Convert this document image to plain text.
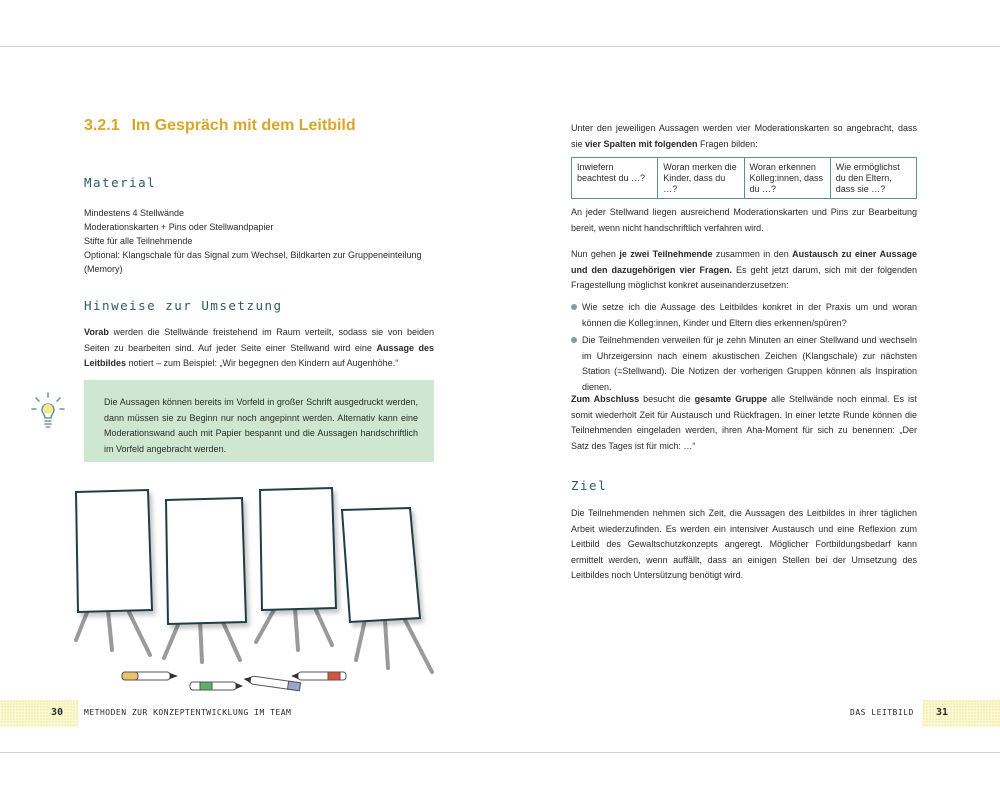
3.2.1 Im Gespräch mit dem Leitbild
Material
Mindestens 4 Stellwände
Moderationskarten + Pins oder Stellwandpapier
Stifte für alle Teilnehmende
Optional: Klangschale für das Signal zum Wechsel, Bildkarten zur Gruppeneinteilung (Memory)
Hinweise zur Umsetzung
Vorab werden die Stellwände freistehend im Raum verteilt, sodass sie von beiden Seiten zu bearbeiten sind. Auf jeder Seite einer Stellwand wird eine Aussage des Leitbildes notiert – zum Beispiel: „Wir begegnen den Kindern auf Augenhöhe.“
Die Aussagen können bereits im Vorfeld in großer Schrift ausgedruckt werden, dann müssen sie zu Beginn nur noch angepinnt werden. Alternativ kann eine Moderationswand auch mit Papier bespannt und die Aussagen handschriftlich im Vorfeld angebracht werden.
Unter den jeweiligen Aussagen werden vier Moderationskarten so angebracht, dass sie vier Spalten mit folgenden Fragen bilden:
Inwiefern beachtest du …?	Woran merken die Kinder, dass du …?	Woran erkennen Kolleg:innen, dass du …?	Wie ermöglichst du den Eltern, dass sie …?
An jeder Stellwand liegen ausreichend Moderationskarten und Pins zur Bearbeitung bereit, wenn nicht handschriftlich verfahren wird.
Nun gehen je zwei Teilnehmende zusammen in den Austausch zu einer Aussage und den dazugehörigen vier Fragen. Es geht jetzt darum, sich mit der folgenden Fragestellung möglichst konkret auseinanderzusetzen:
Wie setze ich die Aussage des Leitbildes konkret in der Praxis um und woran können die Kolleg:innen, Kinder und Eltern dies erkennen/spüren?
Die Teilnehmenden verweilen für je zehn Minuten an einer Stellwand und wechseln im Uhrzeigersinn nach einem akustischen Zeichen (Klangschale) zur nächsten Station (=Stellwand). Die Notizen der vorherigen Gruppen können als Inspiration dienen.
Zum Abschluss besucht die gesamte Gruppe alle Stellwände noch einmal. Es ist somit wiederholt Zeit für Austausch und Rückfragen. In einer letzte Runde können die Teilnehmenden eingeladen werden, ihren Aha-Moment für sich zu benennen: „Der Satz des Tages ist für mich: …“
Ziel
Die Teilnehmenden nehmen sich Zeit, die Aussagen des Leitbildes in ihrer täglichen Arbeit wiederzufinden. Es werden ein intensiver Austausch und eine Reflexion zum Leitbild des Gewaltschutzkonzepts angeregt. Möglicher Fortbildungsbedarf kann ermittelt werden, wenn auffällt, dass an einigen Stellen bei der Umsetzung des Leitbildes noch Untersützung benötigt wird.
30	METHODEN ZUR KONZEPTENTWICKLUNG IM TEAM	DAS LEITBILD 31
